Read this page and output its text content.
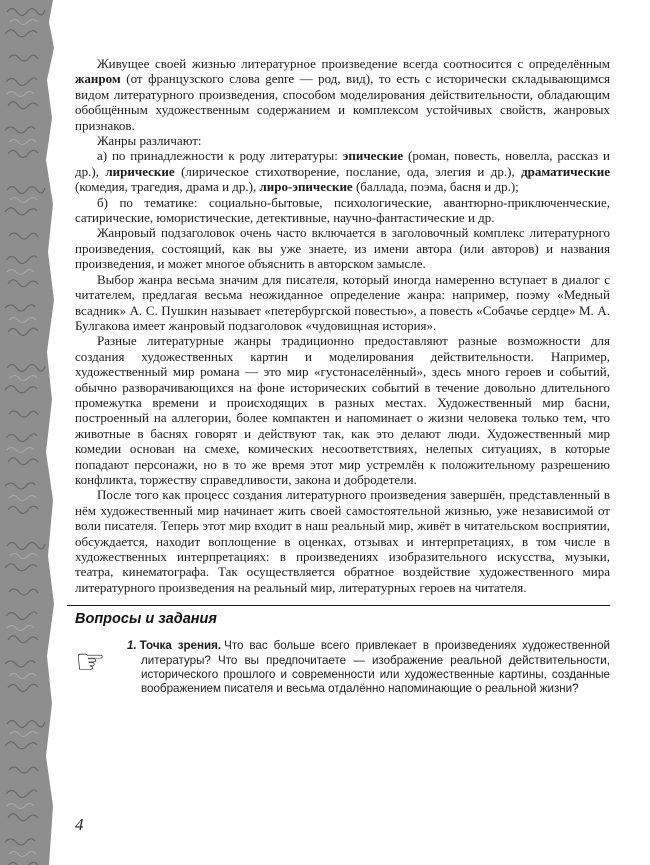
Живущее своей жизнью литературное произведение всегда соотносится с определённым жанром (от французского слова genre — род, вид), то есть с исторически складывающимся видом литературного произведения, способом моделирования действительности, обладающим обобщённым художественным содержанием и комплексом устойчивых свойств, жанровых признаков.

Жанры различают:

а) по принадлежности к роду литературы: эпические (роман, повесть, новелла, рассказ и др.), лирические (лирическое стихотворение, послание, ода, элегия и др.), драматические (комедия, трагедия, драма и др.), лиро-эпические (баллада, поэма, басня и др.);

б) по тематике: социально-бытовые, психологические, авантюрно-приключенческие, сатирические, юмористические, детективные, научно-фантастические и др.

Жанровый подзаголовок очень часто включается в заголовочный комплекс литературного произведения, состоящий, как вы уже знаете, из имени автора (или авторов) и названия произведения, и может многое объяснить в авторском замысле.

Выбор жанра весьма значим для писателя, который иногда намеренно вступает в диалог с читателем, предлагая весьма неожиданное определение жанра: например, поэму «Медный всадник» А. С. Пушкин называет «петербургской повестью», а повесть «Собачье сердце» М. А. Булгакова имеет жанровый подзаголовок «чудовищная история».

Разные литературные жанры традиционно предоставляют разные возможности для создания художественных картин и моделирования действительности. Например, художественный мир романа — это мир «густонаселённый», здесь много героев и событий, обычно разворачивающихся на фоне исторических событий в течение довольно длительного промежутка времени и происходящих в разных местах. Художественный мир басни, построенный на аллегории, более компактен и напоминает о жизни человека только тем, что животные в баснях говорят и действуют так, как это делают люди. Художественный мир комедии основан на смехе, комических несоответствиях, нелепых ситуациях, в которые попадают персонажи, но в то же время этот мир устремлён к положительному разрешению конфликта, торжеству справедливости, закона и добродетели.

После того как процесс создания литературного произведения завершён, представленный в нём художественный мир начинает жить своей самостоятельной жизнью, уже независимой от воли писателя. Теперь этот мир входит в наш реальный мир, живёт в читательском восприятии, обсуждается, находит воплощение в оценках, отзывах и интерпретациях, в том числе в художественных интерпретациях: в произведениях изобразительного искусства, музыки, театра, кинематографа. Так осуществляется обратное воздействие художественного мира литературного произведения на реальный мир, литературных героев на читателя.

Вопросы и задания
☞	1. Точка зрения. Что вас больше всего привлекает в произведениях художественной литературы? Что вы предпочитаете — изображение реальной действительности, исторического прошлого и современности или художественные картины, созданные воображением писателя и весьма отдалённо напоминающие о реальной жизни?
4
